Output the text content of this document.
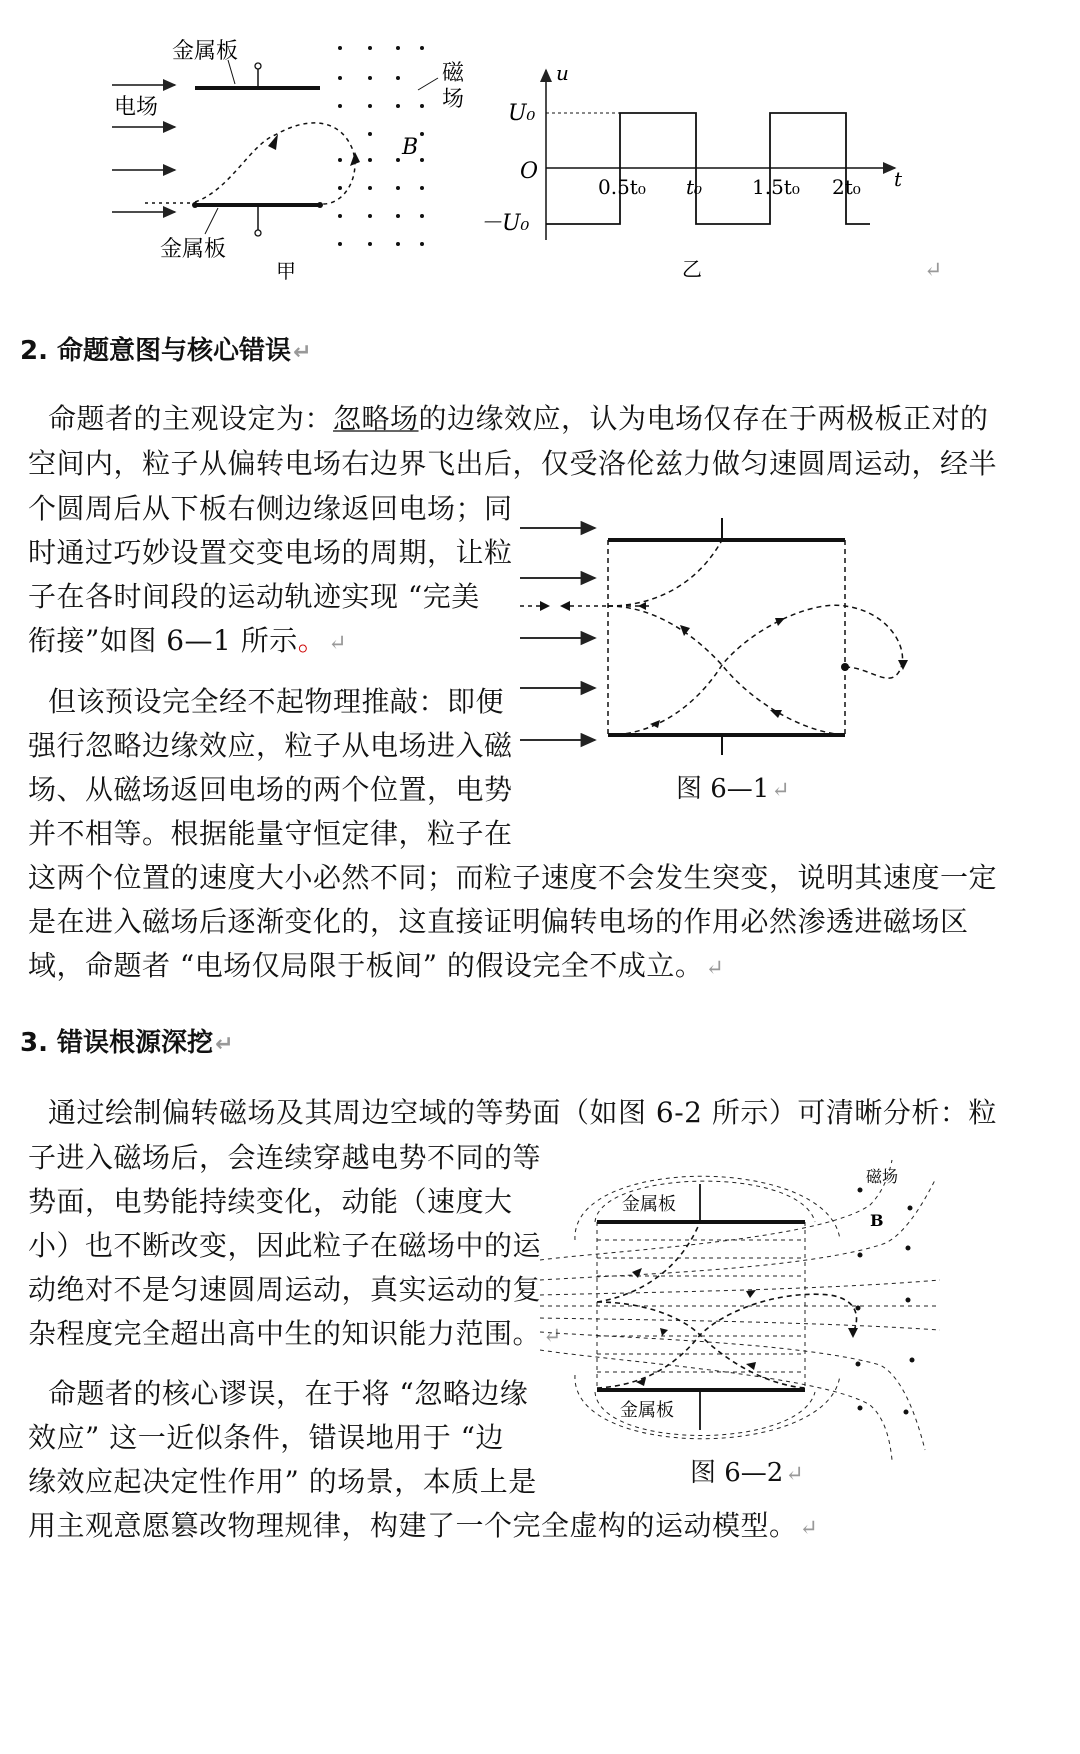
金属板
电场
磁
场
B
金属板
甲
u
t
O
U₀
－U₀
0.5t₀ t₀ 1.5t₀ 2t₀
乙	↵
2. 命题意图与核心错误↵
命题者的主观设定为：忽略场的边缘效应，认为电场仅存在于两极板正对的
空间内，粒子从偏转电场右边界飞出后，仅受洛伦兹力做匀速圆周运动，经半
个圆周后从下板右侧边缘返回电场；同
时通过巧妙设置交变电场的周期，让粒
子在各时间段的运动轨迹实现 “完美
衔接”如图 6—1 所示。↵
但该预设完全经不起物理推敲：即便
强行忽略边缘效应，粒子从电场进入磁
场、从磁场返回电场的两个位置，电势
并不相等。根据能量守恒定律，粒子在
这两个位置的速度大小必然不同；而粒子速度不会发生突变，说明其速度一定
是在进入磁场后逐渐变化的，这直接证明偏转电场的作用必然渗透进磁场区
域，命题者 “电场仅局限于板间” 的假设完全不成立。↵
图 6—1↵
3. 错误根源深挖↵
通过绘制偏转磁场及其周边空域的等势面（如图 6-2 所示）可清晰分析：粒
子进入磁场后，会连续穿越电势不同的等
势面，电势能持续变化，动能（速度大
小）也不断改变，因此粒子在磁场中的运
动绝对不是匀速圆周运动，真实运动的复
杂程度完全超出高中生的知识能力范围。↵
命题者的核心谬误，在于将 “忽略边缘
效应” 这一近似条件，错误地用于 “边
缘效应起决定性作用” 的场景，本质上是
用主观意愿篡改物理规律，构建了一个完全虚构的运动模型。↵
金属板
金属板
磁场
B
图 6—2↵
